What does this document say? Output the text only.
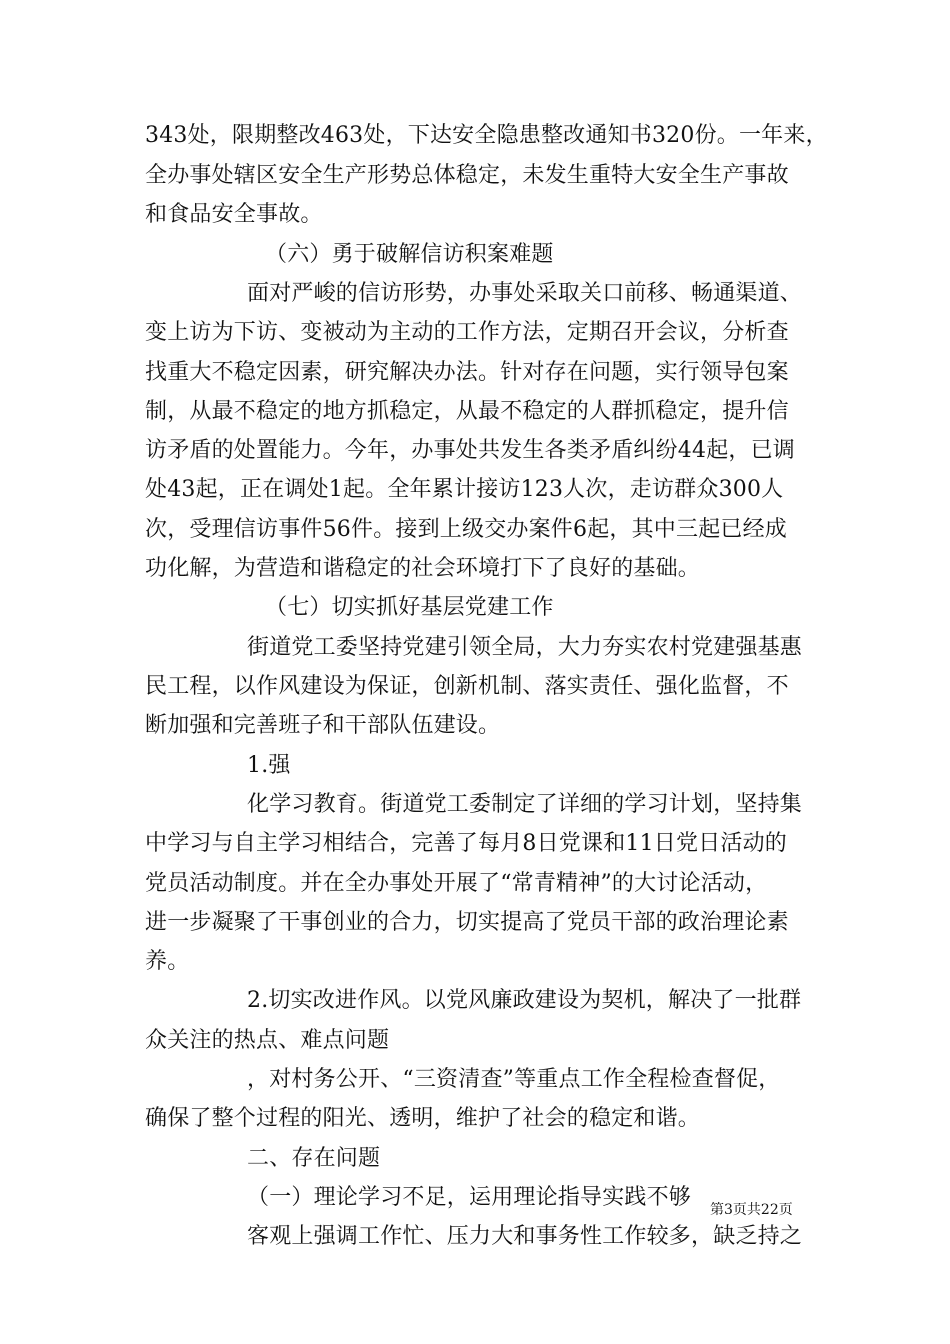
343处，限期整改463处，下达安全隐患整改通知书320份。一年来，
全办事处辖区安全生产形势总体稳定，未发生重特大安全生产事故
和食品安全事故。
（六）勇于破解信访积案难题
面对严峻的信访形势，办事处采取关口前移、畅通渠道、
变上访为下访、变被动为主动的工作方法，定期召开会议，分析查
找重大不稳定因素，研究解决办法。针对存在问题，实行领导包案
制，从最不稳定的地方抓稳定，从最不稳定的人群抓稳定，提升信
访矛盾的处置能力。今年，办事处共发生各类矛盾纠纷44起，已调
处43起，正在调处1起。全年累计接访123人次，走访群众300人
次，受理信访事件56件。接到上级交办案件6起，其中三起已经成
功化解，为营造和谐稳定的社会环境打下了良好的基础。
（七）切实抓好基层党建工作
街道党工委坚持党建引领全局，大力夯实农村党建强基惠
民工程，以作风建设为保证，创新机制、落实责任、强化监督，不
断加强和完善班子和干部队伍建设。
1.强
化学习教育。街道党工委制定了详细的学习计划，坚持集
中学习与自主学习相结合，完善了每月8日党课和11日党日活动的
党员活动制度。并在全办事处开展了“常青精神”的大讨论活动，
进一步凝聚了干事创业的合力，切实提高了党员干部的政治理论素
养。
2.切实改进作风。以党风廉政建设为契机，解决了一批群
众关注的热点、难点问题
，对村务公开、“三资清查”等重点工作全程检查督促，
确保了整个过程的阳光、透明，维护了社会的稳定和谐。
二、存在问题
（一）理论学习不足，运用理论指导实践不够
客观上强调工作忙、压力大和事务性工作较多，缺乏持之
第3页共22页
